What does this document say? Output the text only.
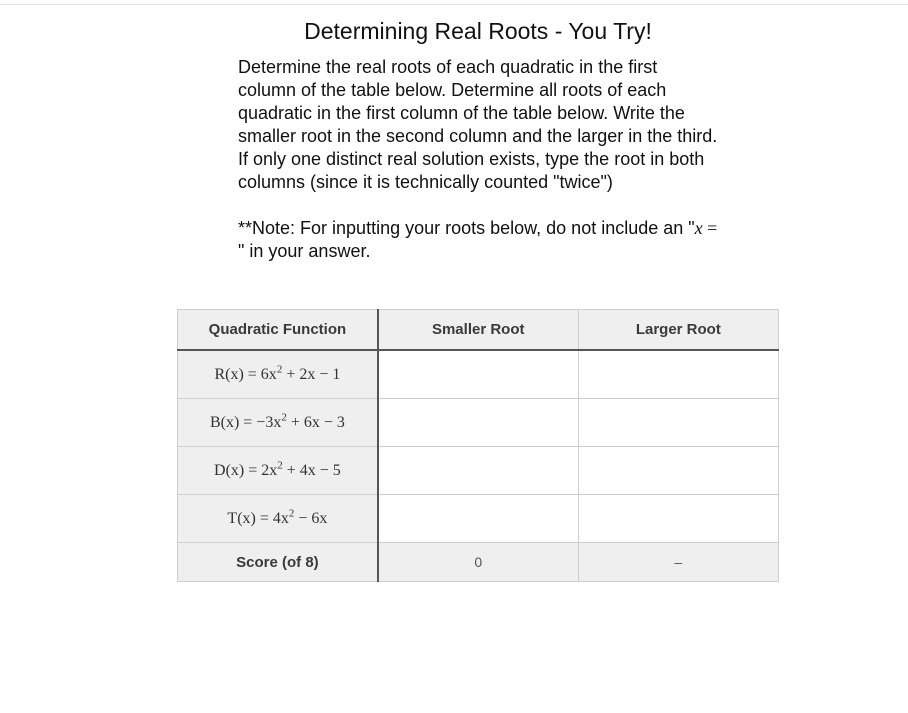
Determining Real Roots - You Try!

Determine the real roots of each quadratic in the first column of the table below. Determine all roots of each quadratic in the first column of the table below. Write the smaller root in the second column and the larger in the third. If only one distinct real solution exists, type the root in both columns (since it is technically counted "twice")

**Note: For inputting your roots below, do not include an "x = " in your answer.

Quadratic Function	Smaller Root	Larger Root
$R(x) = 6x^2 + 2x - 1$		
$B(x) = -3x^2 + 6x - 3$		
$D(x) = 2x^2 + 4x - 5$		
$T(x) = 4x^2 - 6x$		
Score (of 8)	0	–
